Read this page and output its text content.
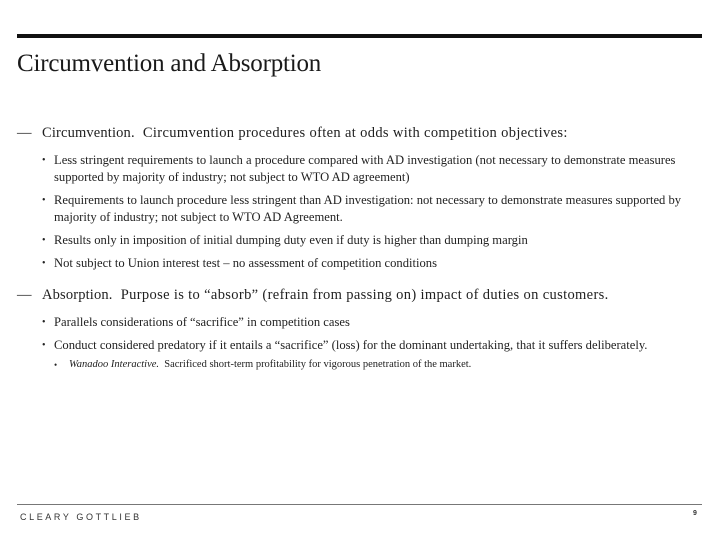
Circumvention and Absorption
— Circumvention.  Circumvention procedures often at odds with competition objectives:
• Less stringent requirements to launch a procedure compared with AD investigation (not necessary to demonstrate measures supported by majority of industry; not subject to WTO AD agreement)
• Requirements to launch procedure less stringent than AD investigation: not necessary to demonstrate measures supported by majority of industry; not subject to WTO AD Agreement.
• Results only in imposition of initial dumping duty even if duty is higher than dumping margin
• Not subject to Union interest test – no assessment of competition conditions
— Absorption.  Purpose is to “absorb” (refrain from passing on) impact of duties on customers.
• Parallels considerations of “sacrifice” in competition cases
• Conduct considered predatory if it entails a “sacrifice” (loss) for the dominant undertaking, that it suffers deliberately.
• Wanadoo Interactive. Sacrificed short-term profitability for vigorous penetration of the market.
CLEARY GOTTLIEB	9
